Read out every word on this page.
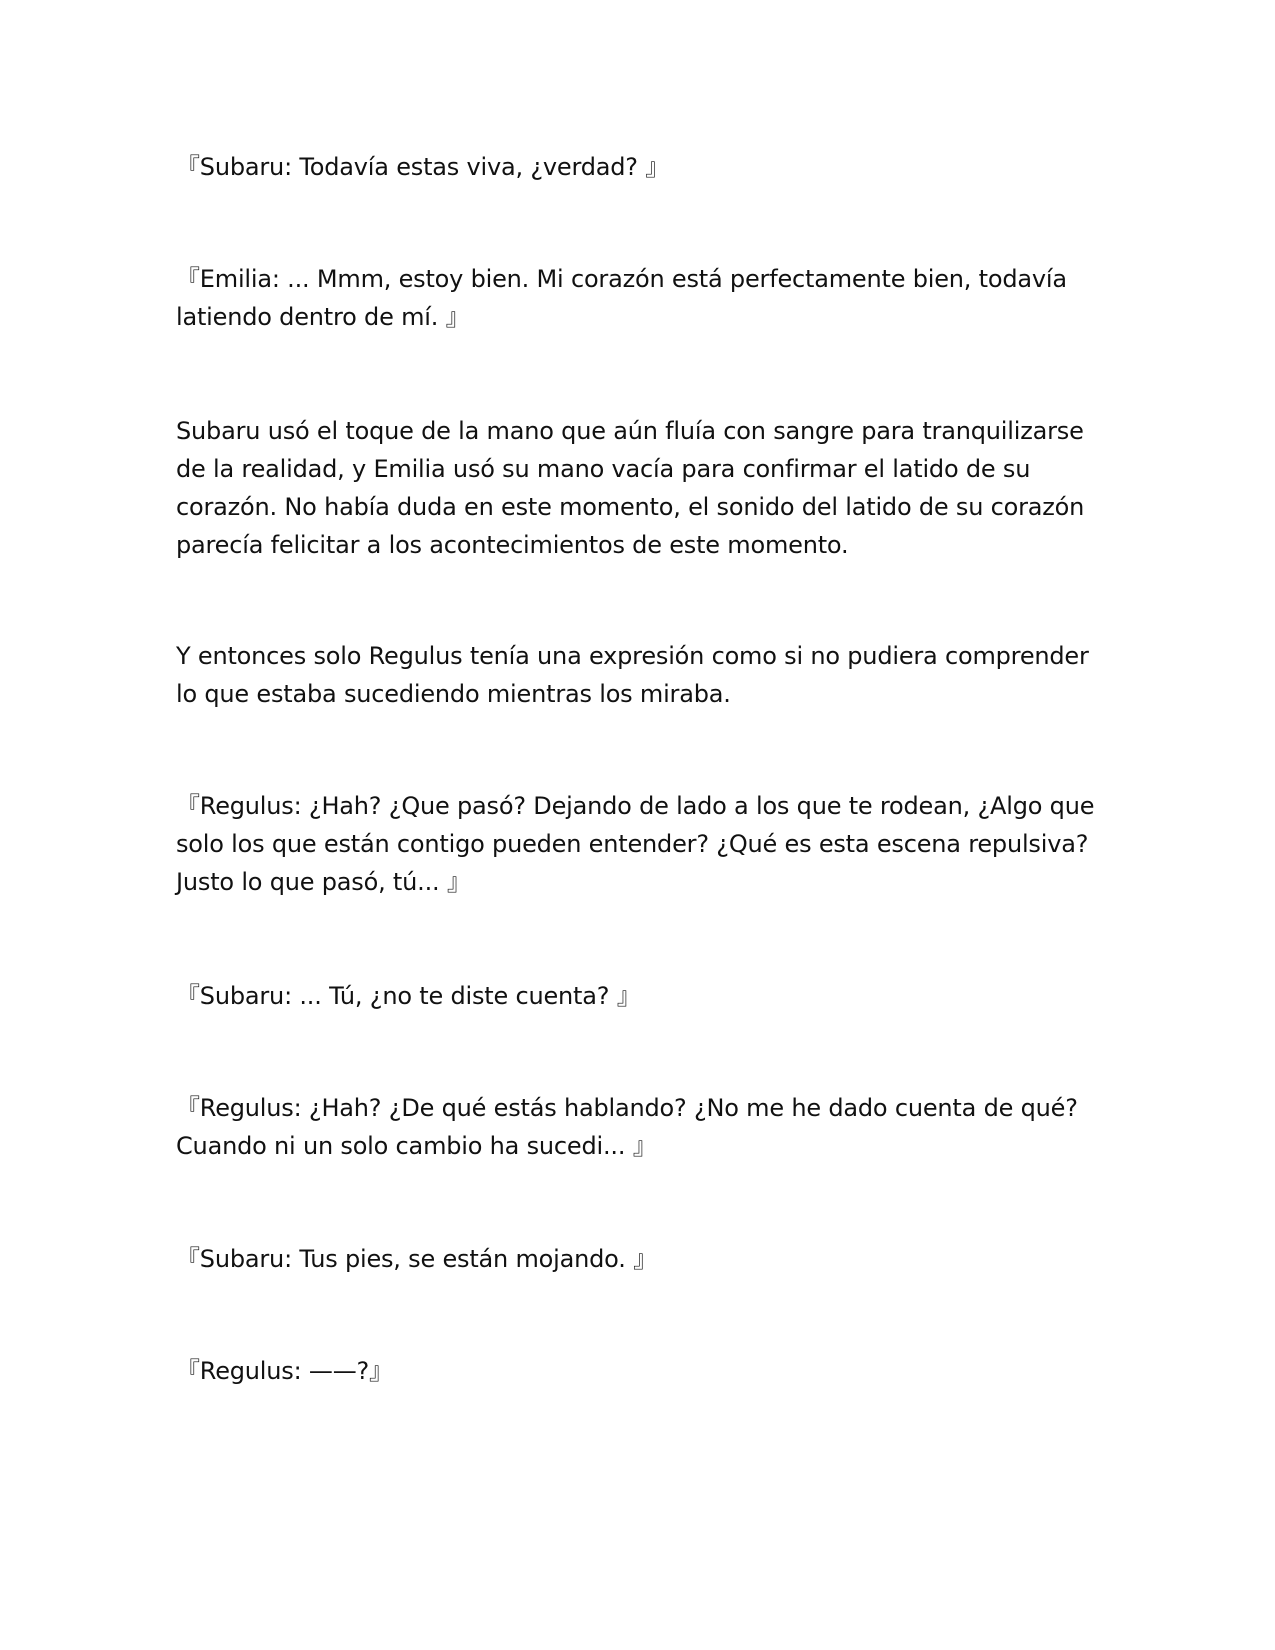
『Subaru: Todavía estas viva, ¿verdad? 』

『Emilia: ... Mmm, estoy bien. Mi corazón está perfectamente bien, todavía latiendo dentro de mí. 』

Subaru usó el toque de la mano que aún fluía con sangre para tranquilizarse de la realidad, y Emilia usó su mano vacía para confirmar el latido de su corazón. No había duda en este momento, el sonido del latido de su corazón parecía felicitar a los acontecimientos de este momento.

Y entonces solo Regulus tenía una expresión como si no pudiera comprender lo que estaba sucediendo mientras los miraba.

『Regulus: ¿Hah? ¿Que pasó? Dejando de lado a los que te rodean, ¿Algo que solo los que están contigo pueden entender? ¿Qué es esta escena repulsiva? Justo lo que pasó, tú... 』

『Subaru: ... Tú, ¿no te diste cuenta? 』

『Regulus: ¿Hah? ¿De qué estás hablando? ¿No me he dado cuenta de qué? Cuando ni un solo cambio ha sucedi... 』

『Subaru: Tus pies, se están mojando. 』

『Regulus: ——?』
